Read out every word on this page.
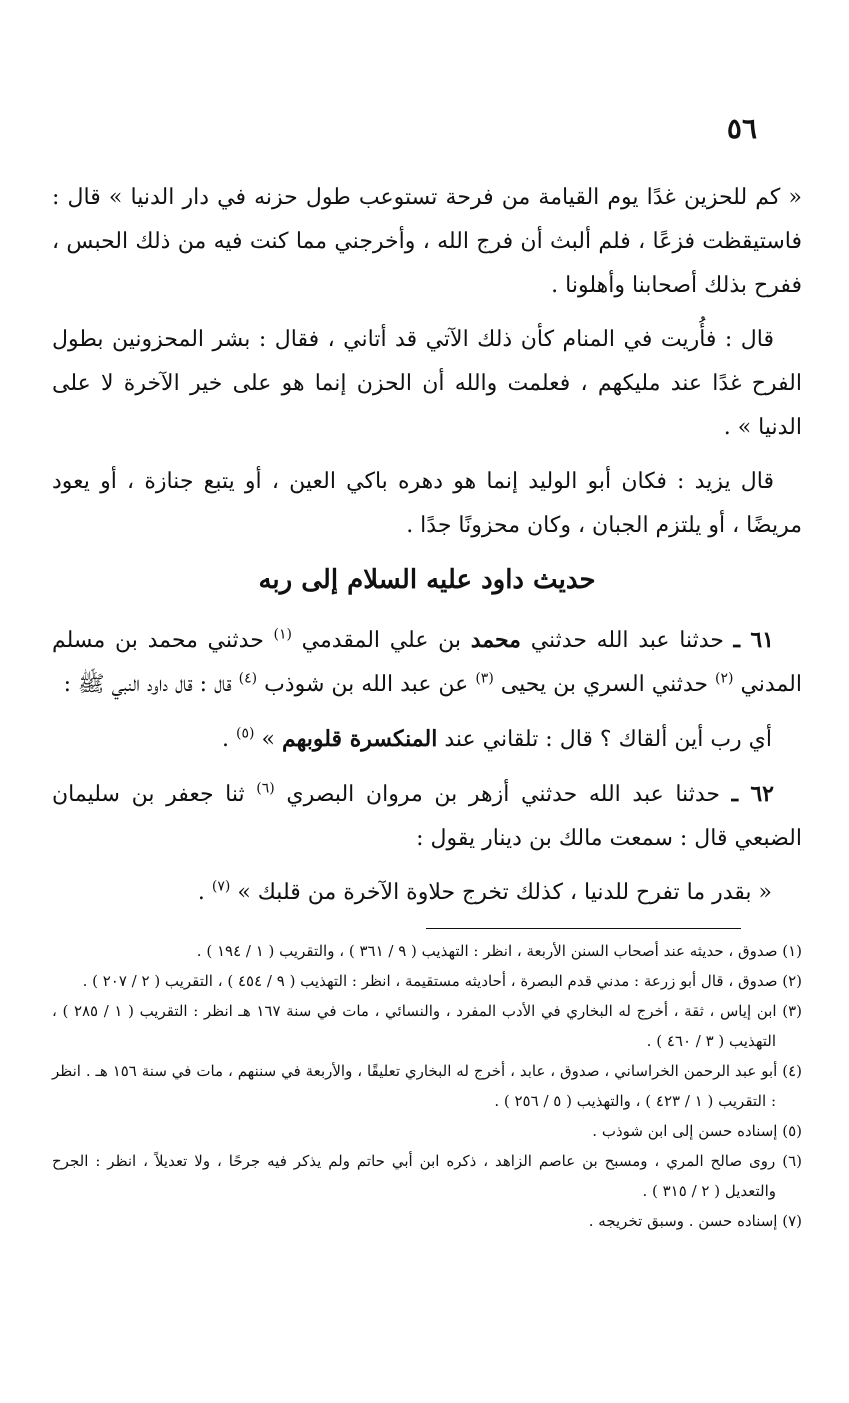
٥٦

« كم للحزين غدًا يوم القيامة من فرحة تستوعب طول حزنه في دار الدنيا » قال : فاستيقظت فزعًا ، فلم ألبث أن فرج الله ، وأخرجني مما كنت فيه من ذلك الحبس ، ففرح بذلك أصحابنا وأهلونا .

قال : فأُريت في المنام كأن ذلك الآتي قد أتاني ، فقال : بشر المحزونين بطول الفرح غدًا عند مليكهم ، فعلمت والله أن الحزن إنما هو على خير الآخرة لا على الدنيا » .

قال يزيد : فكان أبو الوليد إنما هو دهره باكي العين ، أو يتبع جنازة ، أو يعود مريضًا ، أو يلتزم الجبان ، وكان محزونًا جدًا .

حديث داود عليه السلام إلى ربه

٦١ ـ حدثنا عبد الله حدثني محمد بن علي المقدمي $^{(١)}$ حدثني محمد بن مسلم المدني $^{(٢)}$ حدثني السري بن يحيى $^{(٣)}$ عن عبد الله بن شوذب $^{(٤)}$ قال : قال داود النبي ﷺ :

أي رب أين ألقاك ؟ قال : تلقاني عند المنكسرة قلوبهم » $^{(٥)}$ .

٦٢ ـ حدثنا عبد الله حدثني أزهر بن مروان البصري $^{(٦)}$ ثنا جعفر بن سليمان الضبعي قال : سمعت مالك بن دينار يقول :

« بقدر ما تفرح للدنيا ، كذلك تخرج حلاوة الآخرة من قلبك » $^{(٧)}$ .

(١) صدوق ، حديثه عند أصحاب السنن الأربعة ، انظر : التهذيب ( ٩ / ٣٦١ ) ، والتقريب ( ١ / ١٩٤ ) .

(٢) صدوق ، قال أبو زرعة : مدني قدم البصرة ، أحاديثه مستقيمة ، انظر : التهذيب ( ٩ / ٤٥٤ ) ، التقريب ( ٢ / ٢٠٧ ) .

(٣) ابن إياس ، ثقة ، أخرج له البخاري في الأدب المفرد ، والنسائي ، مات في سنة ١٦٧ هـ انظر : التقريب ( ١ / ٢٨٥ ) ، التهذيب ( ٣ / ٤٦٠ ) .

(٤) أبو عبد الرحمن الخراساني ، صدوق ، عابد ، أخرج له البخاري تعليقًا ، والأربعة في سننهم ، مات في سنة ١٥٦ هـ . انظر : التقريب ( ١ / ٤٢٣ ) ، والتهذيب ( ٥ / ٢٥٦ ) .

(٥) إسناده حسن إلى ابن شوذب .

(٦) روى صالح المري ، ومسبح بن عاصم الزاهد ، ذكره ابن أبي حاتم ولم يذكر فيه جرحًا ، ولا تعديلاً ، انظر : الجرح والتعديل ( ٢ / ٣١٥ ) .

(٧) إسناده حسن . وسبق تخريجه .
